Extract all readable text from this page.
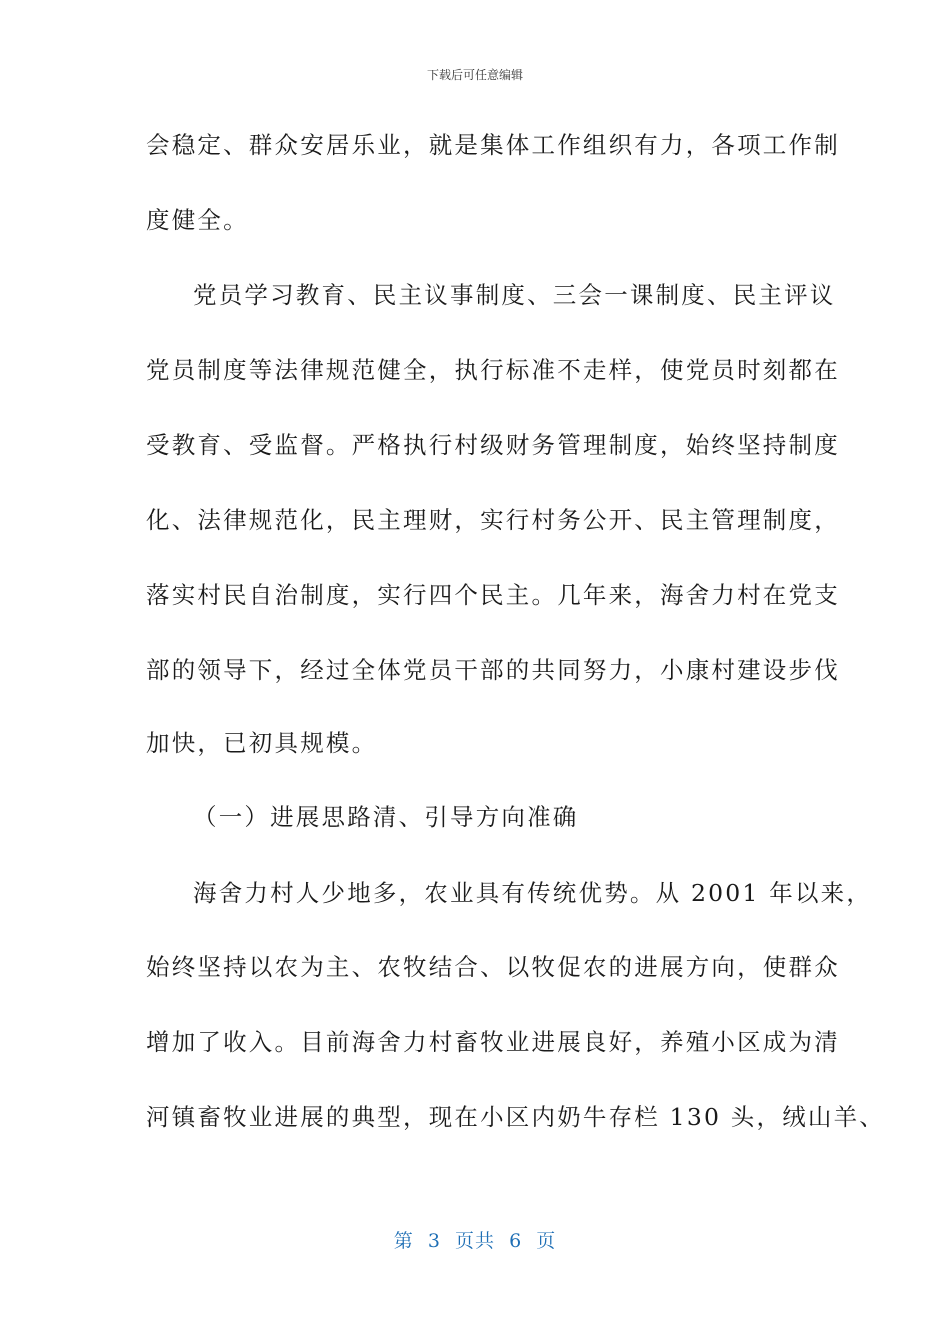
下载后可任意编辑
会稳定、群众安居乐业，就是集体工作组织有力，各项工作制
度健全。
党员学习教育、民主议事制度、三会一课制度、民主评议
党员制度等法律规范健全，执行标准不走样，使党员时刻都在
受教育、受监督。严格执行村级财务管理制度，始终坚持制度
化、法律规范化，民主理财，实行村务公开、民主管理制度，
落实村民自治制度，实行四个民主。几年来，海舍力村在党支
部的领导下，经过全体党员干部的共同努力，小康村建设步伐
加快，已初具规模。
（一）进展思路清、引导方向准确
海舍力村人少地多，农业具有传统优势。从 2001 年以来，
始终坚持以农为主、农牧结合、以牧促农的进展方向，使群众
增加了收入。目前海舍力村畜牧业进展良好，养殖小区成为清
河镇畜牧业进展的典型，现在小区内奶牛存栏 130 头，绒山羊、
第  3  页共  6  页
